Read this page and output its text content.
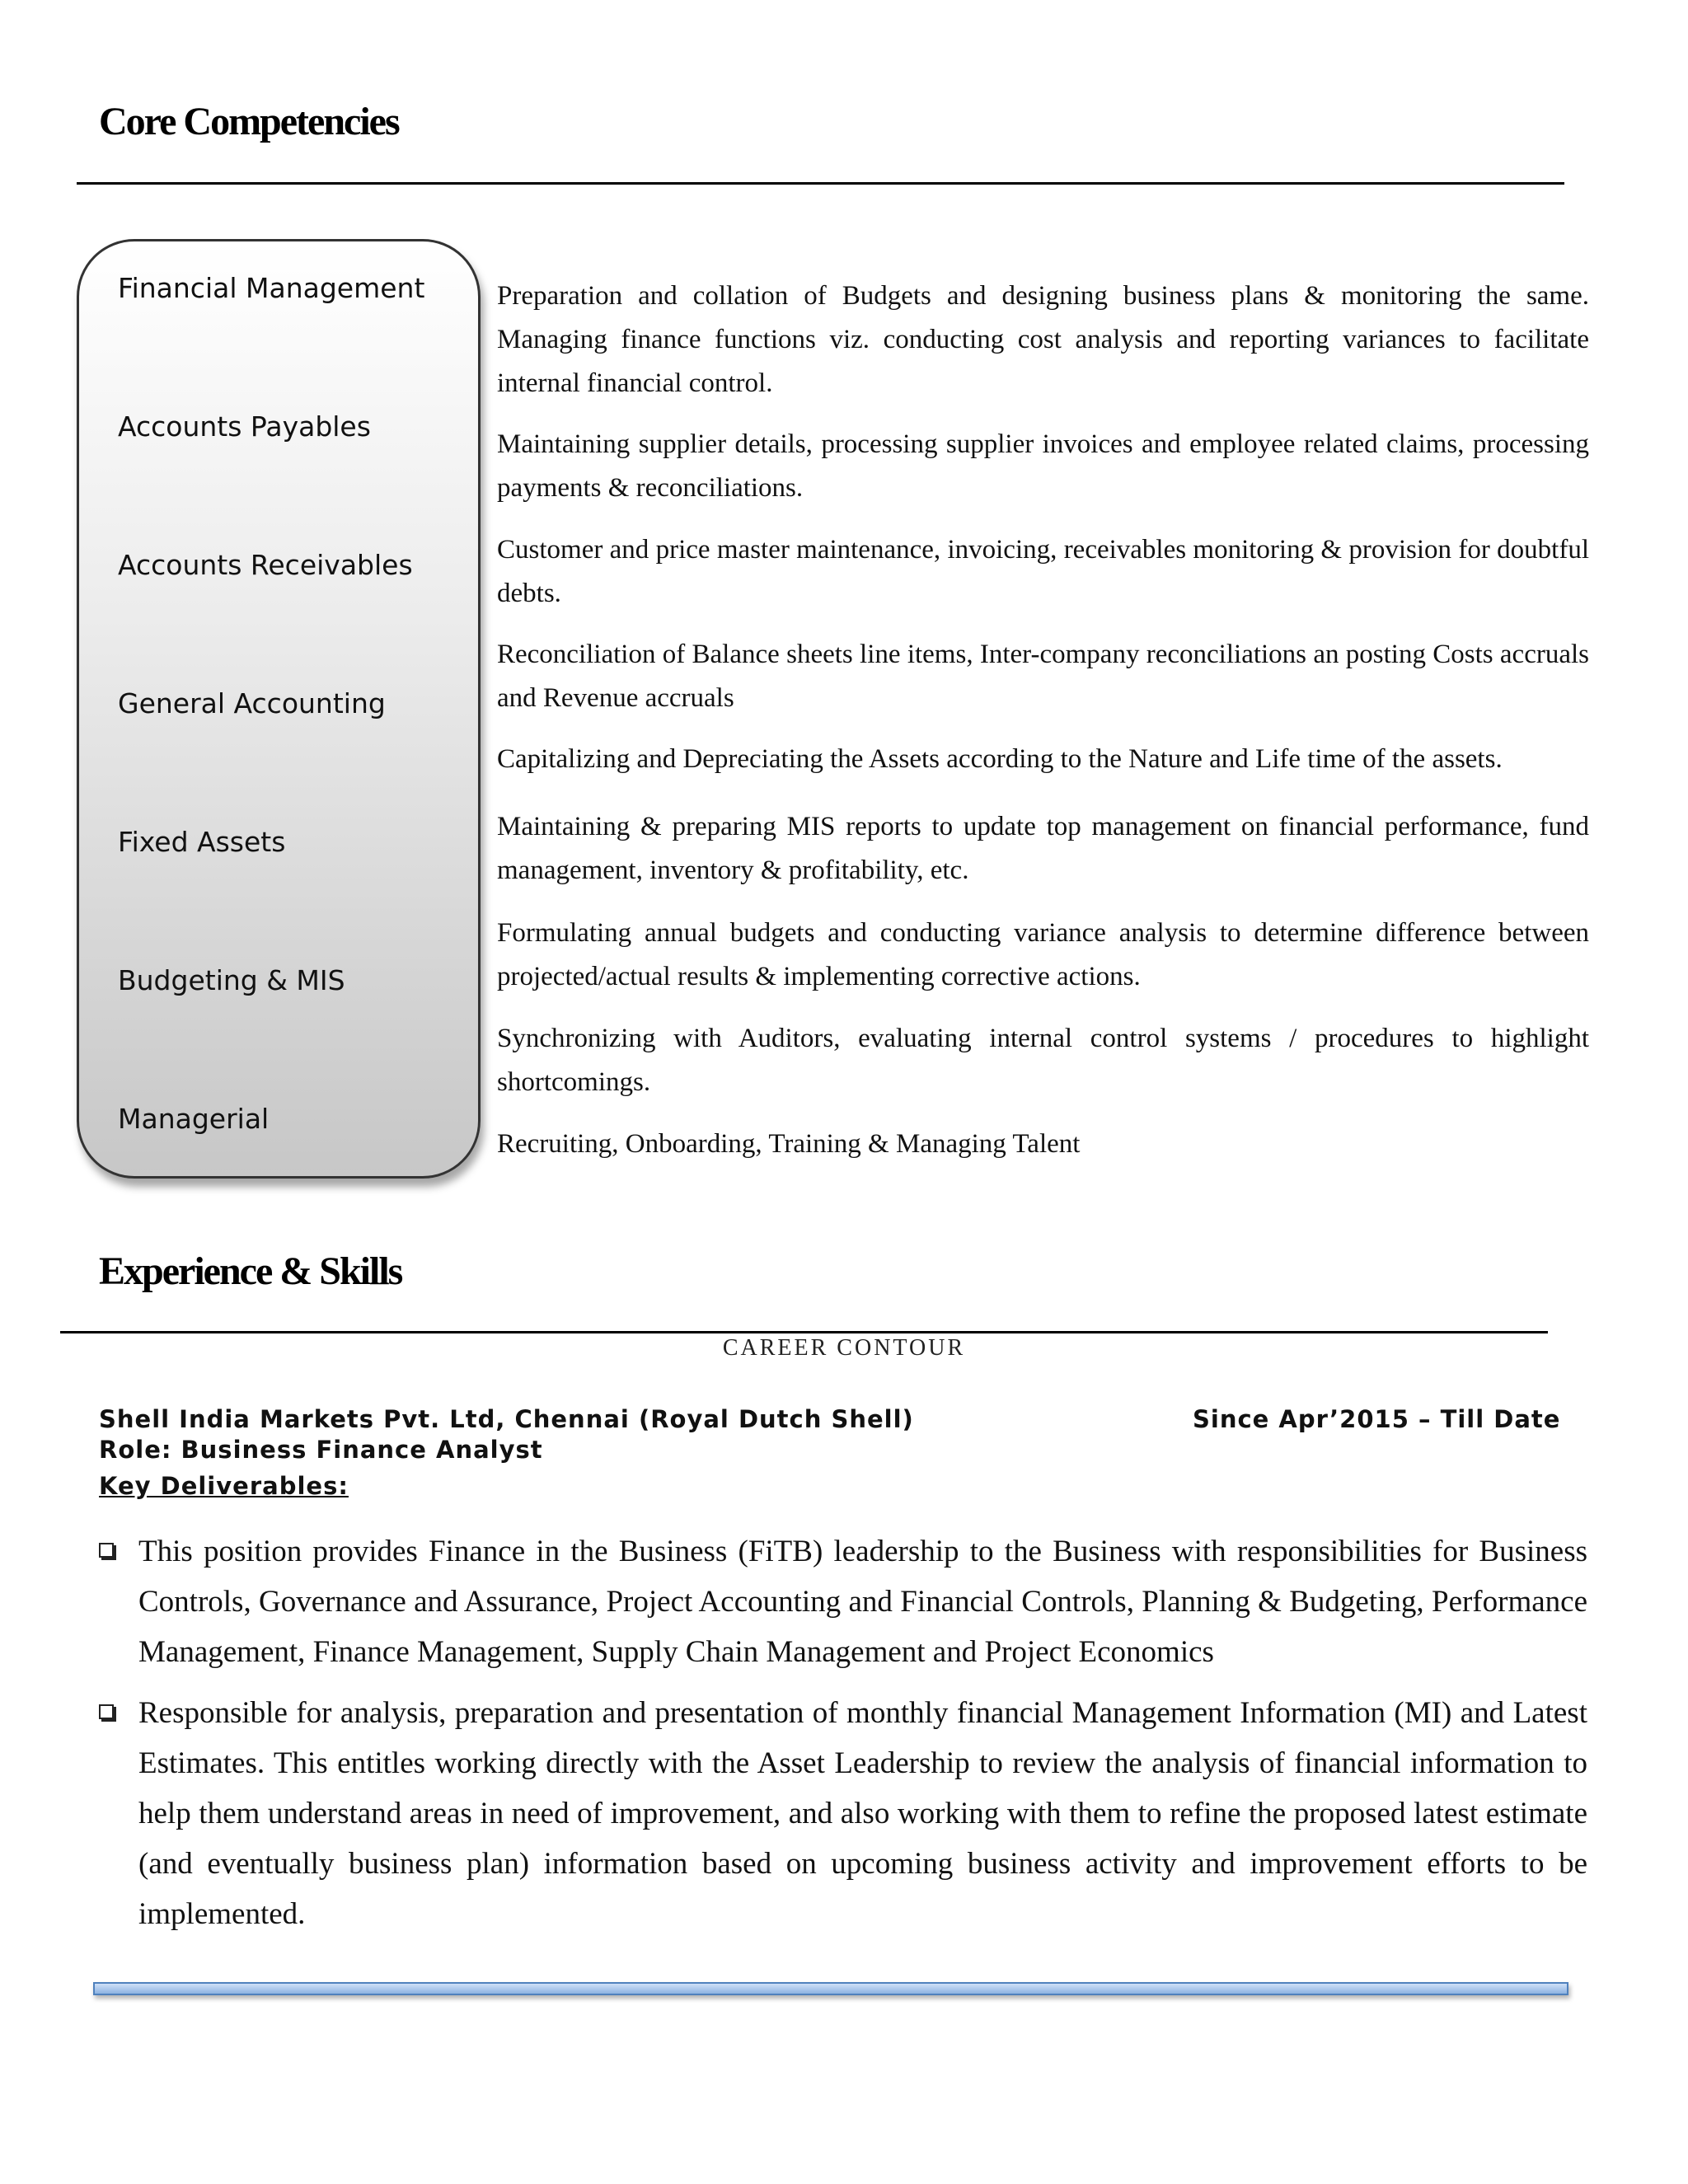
Core Competencies
Financial Management
Accounts Payables
Accounts Receivables
General Accounting
Fixed Assets
Budgeting & MIS
Managerial
Preparation and collation of Budgets and designing business plans & monitoring the same. Managing finance functions viz. conducting cost analysis and reporting variances to facilitate internal financial control.
Maintaining supplier details, processing supplier invoices and employee related claims, processing payments & reconciliations.
Customer and price master maintenance, invoicing, receivables monitoring & provision for doubtful debts.
Reconciliation of Balance sheets line items, Inter-company reconciliations an posting Costs accruals and Revenue accruals
Capitalizing and Depreciating the Assets according to the Nature and Life time of the assets.
Maintaining & preparing MIS reports to update top management on financial performance, fund management, inventory & profitability, etc.
Formulating annual budgets and conducting variance analysis to determine difference between projected/actual results & implementing corrective actions.
Synchronizing with Auditors, evaluating internal control systems / procedures to highlight shortcomings.
Recruiting, Onboarding, Training & Managing Talent
Experience & Skills
CAREER CONTOUR
Shell India Markets Pvt. Ltd, Chennai (Royal Dutch Shell)	Since Apr’2015 – Till Date
Role: Business Finance Analyst
Key Deliverables:
This position provides Finance in the Business (FiTB) leadership to the Business with responsibilities for Business Controls, Governance and Assurance, Project Accounting and Financial Controls, Planning & Budgeting, Performance Management, Finance Management, Supply Chain Management and Project Economics
Responsible for analysis, preparation and presentation of monthly financial Management Information (MI) and Latest Estimates. This entitles working directly with the Asset Leadership to review the analysis of financial information to help them understand areas in need of improvement, and also working with them to refine the proposed latest estimate (and eventually business plan) information based on upcoming business activity and improvement efforts to be implemented.
